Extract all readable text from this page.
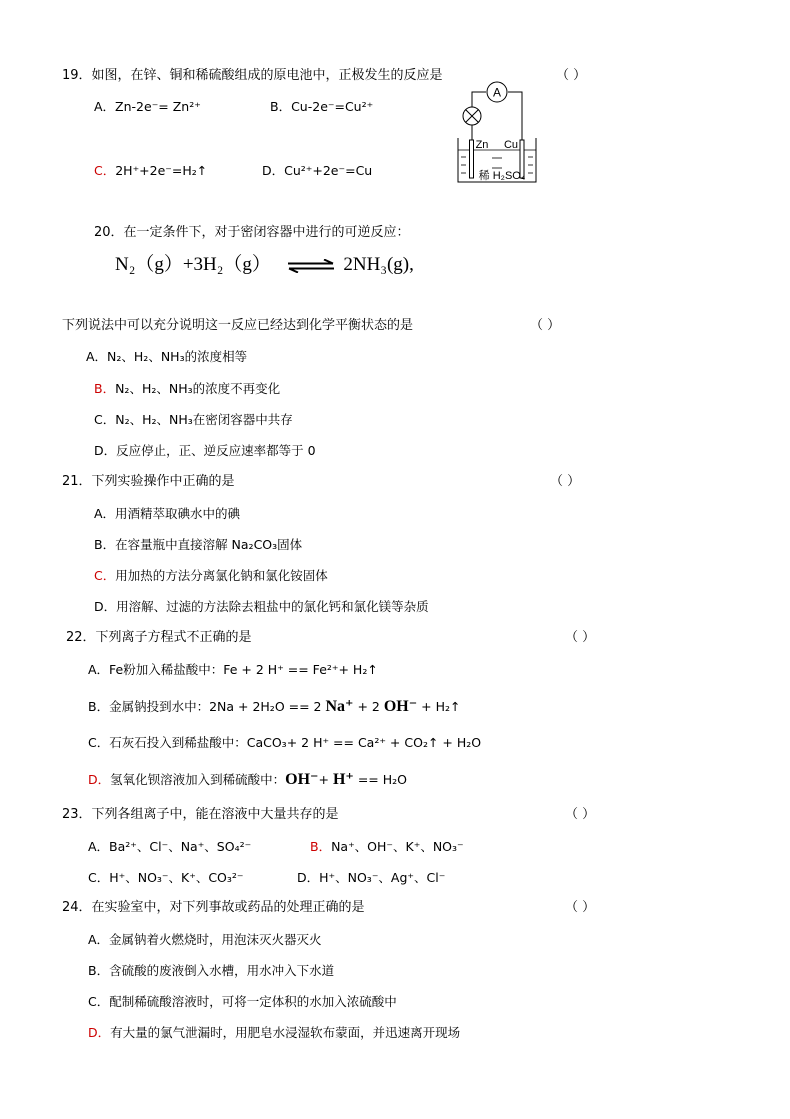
19．如图，在锌、铜和稀硫酸组成的原电池中，正极发生的反应是	（ ）
A．Zn-2e⁻= Zn²⁺	B．Cu-2e⁻=Cu²⁺
C．2H⁺+2e⁻=H₂↑	D．Cu²⁺+2e⁻=Cu
A
Zn Cu
稀 H₂SO₄
20．在一定条件下，对于密闭容器中进行的可逆反应：
N₂（g）+3H₂（g） ⇌ 2NH₃(g),
下列说法中可以充分说明这一反应已经达到化学平衡状态的是	（ ）
A．N₂、H₂、NH₃的浓度相等
B．N₂、H₂、NH₃的浓度不再变化
C．N₂、H₂、NH₃在密闭容器中共存
D．反应停止，正、逆反应速率都等于 0
21．下列实验操作中正确的是	（ ）
A．用酒精萃取碘水中的碘
B．在容量瓶中直接溶解 Na₂CO₃固体
C．用加热的方法分离氯化钠和氯化铵固体
D．用溶解、过滤的方法除去粗盐中的氯化钙和氯化镁等杂质
22．下列离子方程式不正确的是	（ ）
A．Fe粉加入稀盐酸中：Fe + 2 H⁺ == Fe²⁺+ H₂↑
B．金属钠投到水中：2Na + 2H₂O == 2 Na⁺ + 2 OH⁻ + H₂↑
C．石灰石投入到稀盐酸中：CaCO₃+ 2 H⁺ == Ca²⁺ + CO₂↑ + H₂O
D．氢氧化钡溶液加入到稀硫酸中：OH⁻+ H⁺ == H₂O
23．下列各组离子中，能在溶液中大量共存的是	（ ）
A．Ba²⁺、Cl⁻、Na⁺、SO₄²⁻	B．Na⁺、OH⁻、K⁺、NO₃⁻
C．H⁺、NO₃⁻、K⁺、CO₃²⁻	D．H⁺、NO₃⁻、Ag⁺、Cl⁻
24．在实验室中，对下列事故或药品的处理正确的是	（ ）
A．金属钠着火燃烧时，用泡沫灭火器灭火
B．含硫酸的废液倒入水槽，用水冲入下水道
C．配制稀硫酸溶液时，可将一定体积的水加入浓硫酸中
D．有大量的氯气泄漏时，用肥皂水浸湿软布蒙面，并迅速离开现场
